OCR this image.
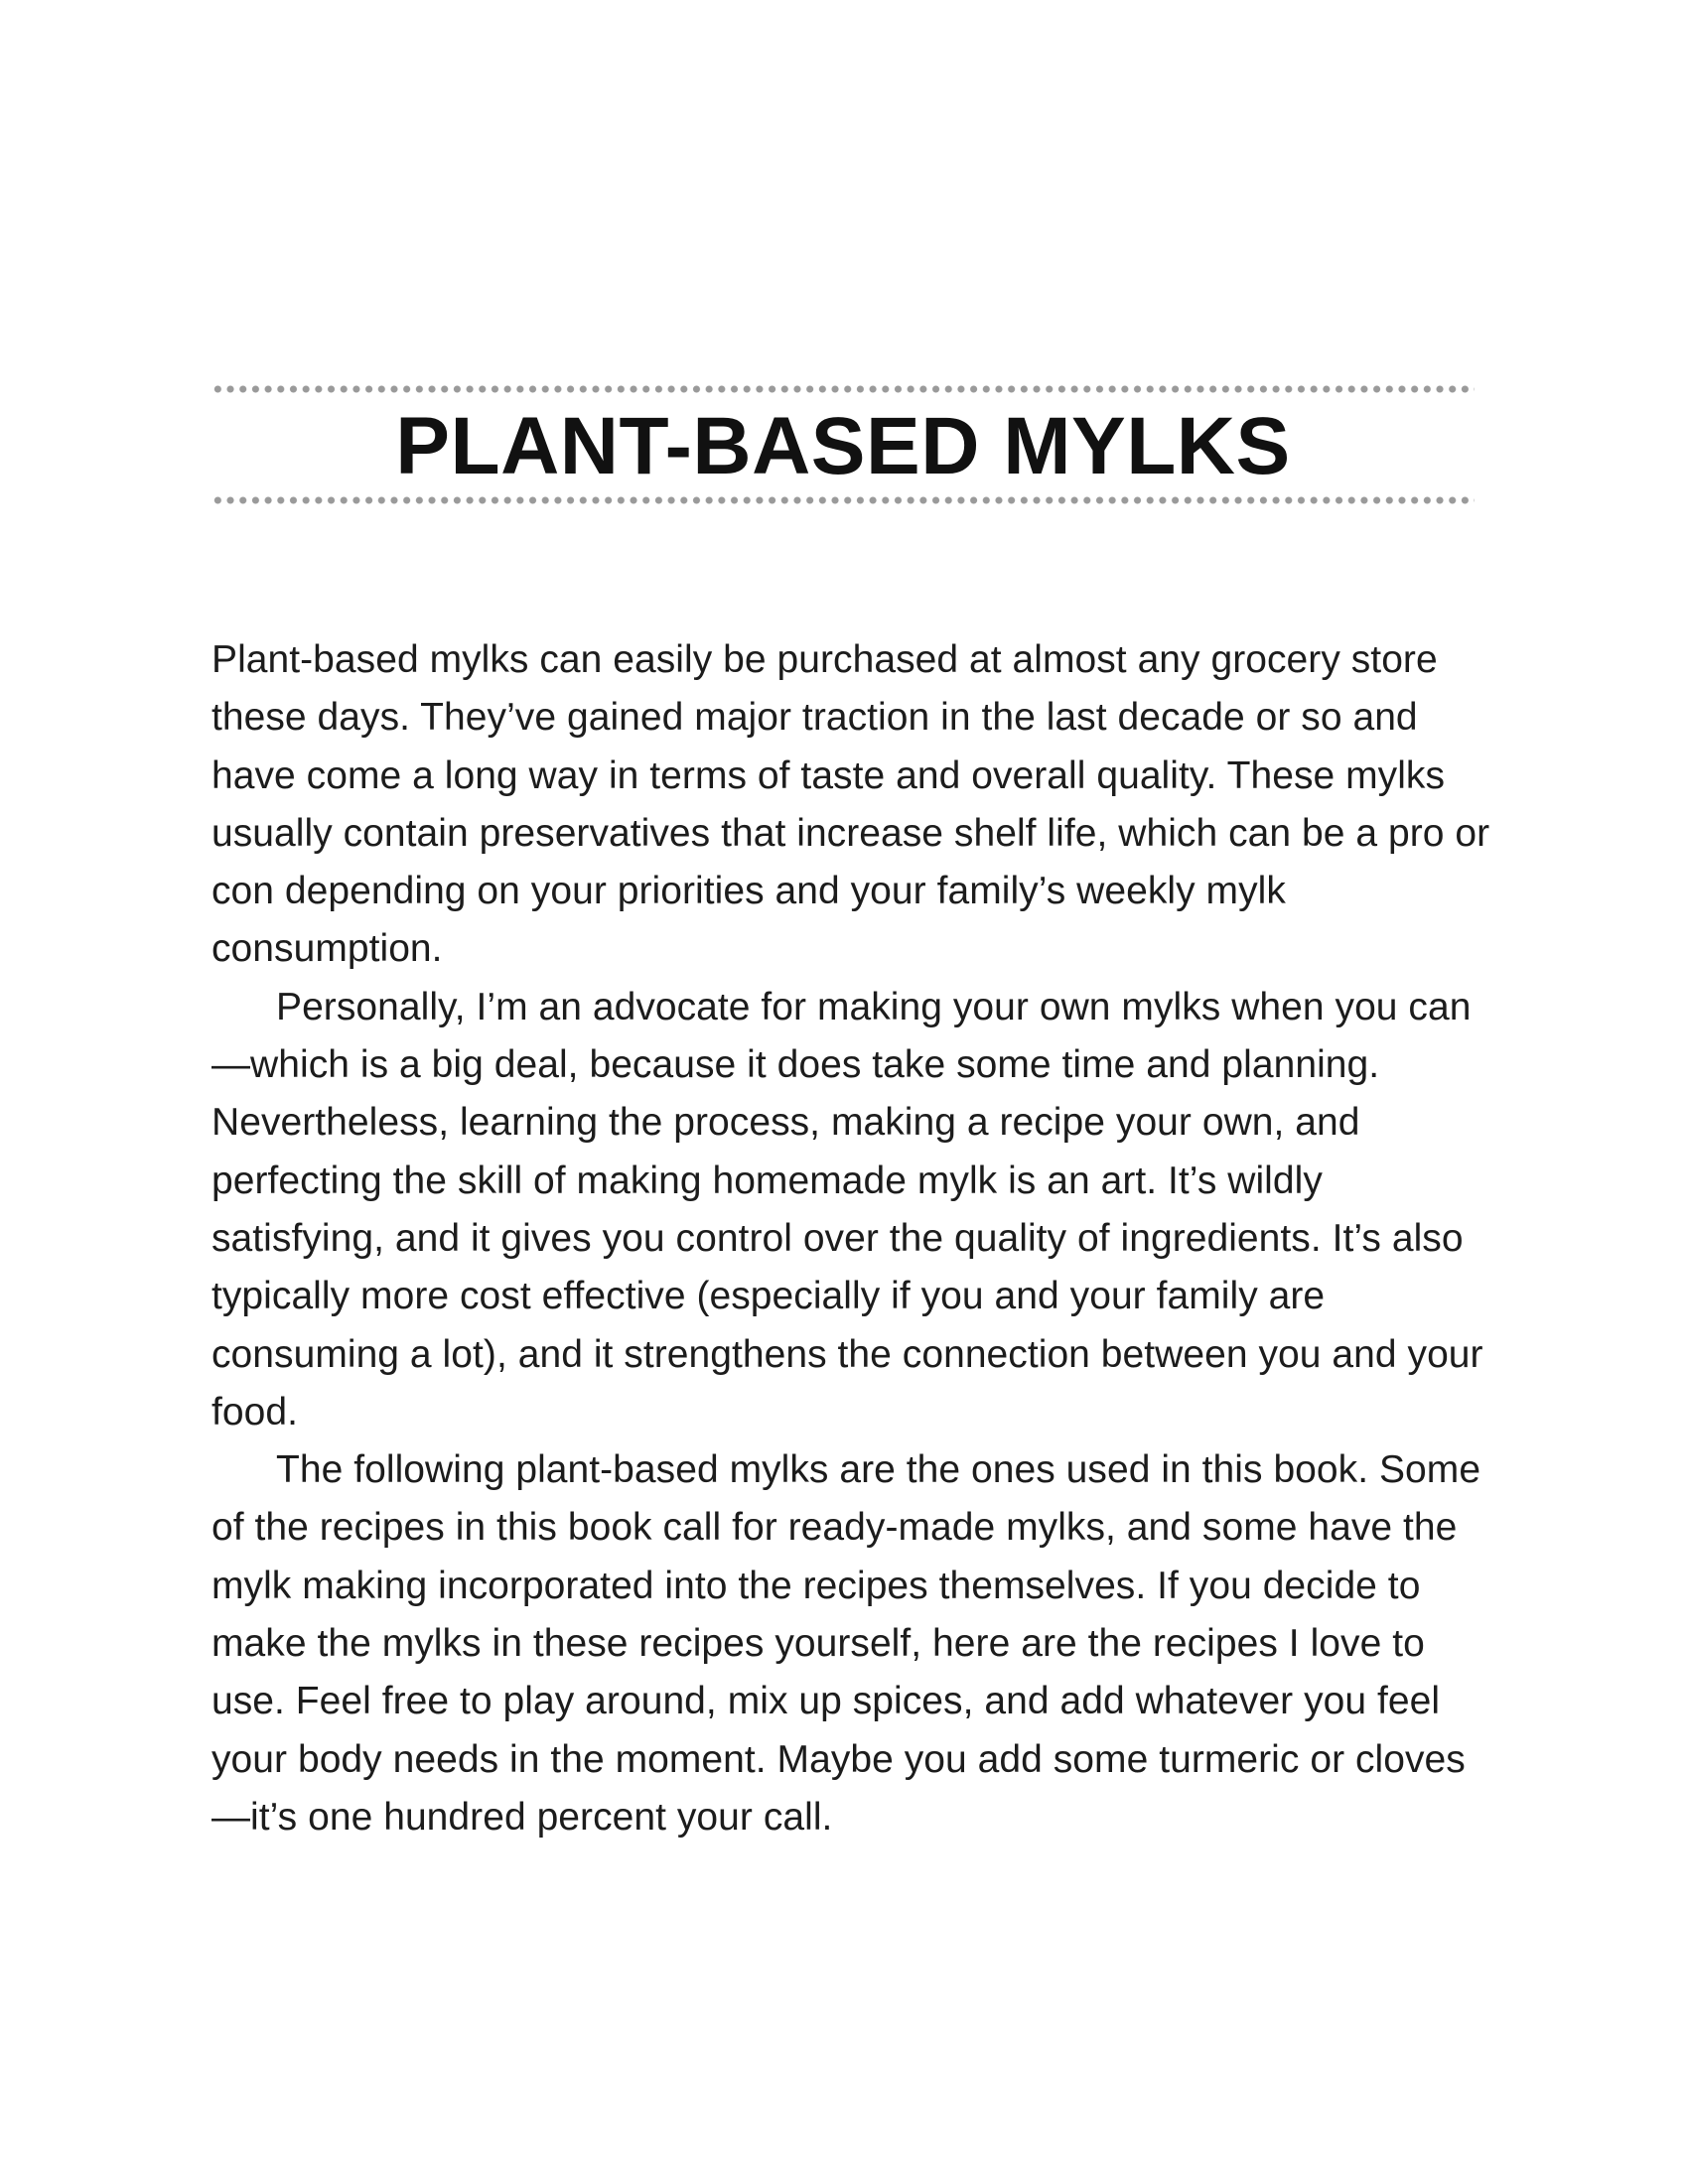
PLANT-BASED MYLKS

Plant-based mylks can easily be purchased at almost any grocery store these days. They’ve gained major traction in the last decade or so and have come a long way in terms of taste and overall quality. These mylks usually contain preservatives that increase shelf life, which can be a pro or con depending on your priorities and your family’s weekly mylk consumption.

Personally, I’m an advocate for making your own mylks when you can—which is a big deal, because it does take some time and planning. Nevertheless, learning the process, making a recipe your own, and perfecting the skill of making homemade mylk is an art. It’s wildly satisfying, and it gives you control over the quality of ingredients. It’s also typically more cost effective (especially if you and your family are consuming a lot), and it strengthens the connection between you and your food.

The following plant-based mylks are the ones used in this book. Some of the recipes in this book call for ready-made mylks, and some have the mylk making incorporated into the recipes themselves. If you decide to make the mylks in these recipes yourself, here are the recipes I love to use. Feel free to play around, mix up spices, and add whatever you feel your body needs in the moment. Maybe you add some turmeric or cloves—it’s one hundred percent your call.
